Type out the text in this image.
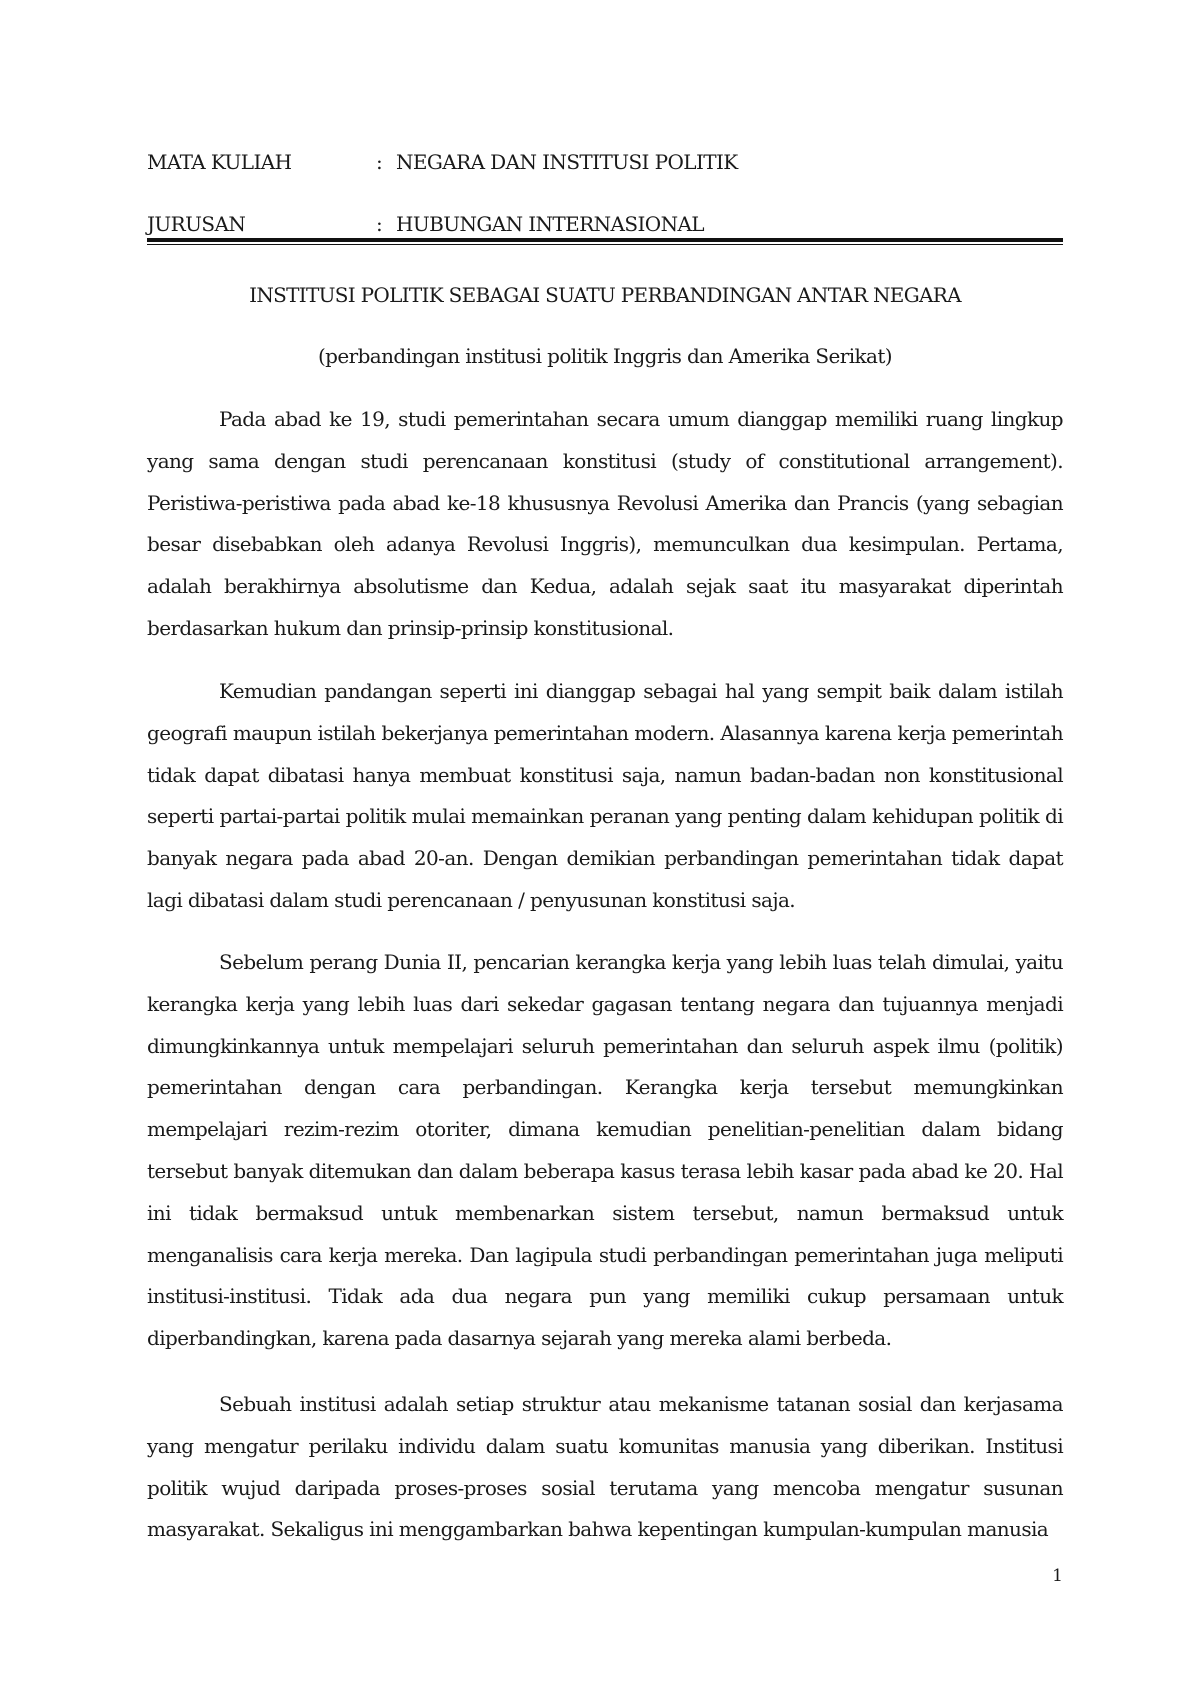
MATA KULIAH	: NEGARA DAN INSTITUSI POLITIK
JURUSAN	: HUBUNGAN INTERNASIONAL
INSTITUSI POLITIK SEBAGAI SUATU PERBANDINGAN ANTAR NEGARA
(perbandingan institusi politik Inggris dan Amerika Serikat)

Pada abad ke 19, studi pemerintahan secara umum dianggap memiliki ruang lingkup yang sama dengan studi perencanaan konstitusi (study of constitutional arrangement). Peristiwa-peristiwa pada abad ke-18 khususnya Revolusi Amerika dan Prancis (yang sebagian besar disebabkan oleh adanya Revolusi Inggris), memunculkan dua kesimpulan. Pertama, adalah berakhirnya absolutisme dan Kedua, adalah sejak saat itu masyarakat diperintah berdasarkan hukum dan prinsip-prinsip konstitusional.

Kemudian pandangan seperti ini dianggap sebagai hal yang sempit baik dalam istilah geografi maupun istilah bekerjanya pemerintahan modern. Alasannya karena kerja pemerintah tidak dapat dibatasi hanya membuat konstitusi saja, namun badan-badan non konstitusional seperti partai-partai politik mulai memainkan peranan yang penting dalam kehidupan politik di banyak negara pada abad 20-an. Dengan demikian perbandingan pemerintahan tidak dapat lagi dibatasi dalam studi perencanaan / penyusunan konstitusi saja.

Sebelum perang Dunia II, pencarian kerangka kerja yang lebih luas telah dimulai, yaitu kerangka kerja yang lebih luas dari sekedar gagasan tentang negara dan tujuannya menjadi dimungkinkannya untuk mempelajari seluruh pemerintahan dan seluruh aspek ilmu (politik) pemerintahan dengan cara perbandingan. Kerangka kerja tersebut memungkinkan mempelajari rezim-rezim otoriter, dimana kemudian penelitian-penelitian dalam bidang tersebut banyak ditemukan dan dalam beberapa kasus terasa lebih kasar pada abad ke 20. Hal ini tidak bermaksud untuk membenarkan sistem tersebut, namun bermaksud untuk menganalisis cara kerja mereka. Dan lagipula studi perbandingan pemerintahan juga meliputi institusi-institusi. Tidak ada dua negara pun yang memiliki cukup persamaan untuk diperbandingkan, karena pada dasarnya sejarah yang mereka alami berbeda.

Sebuah institusi adalah setiap struktur atau mekanisme tatanan sosial dan kerjasama yang mengatur perilaku individu dalam suatu komunitas manusia yang diberikan. Institusi politik wujud daripada proses-proses sosial terutama yang mencoba mengatur susunan masyarakat. Sekaligus ini menggambarkan bahwa kepentingan kumpulan-kumpulan manusia

1
